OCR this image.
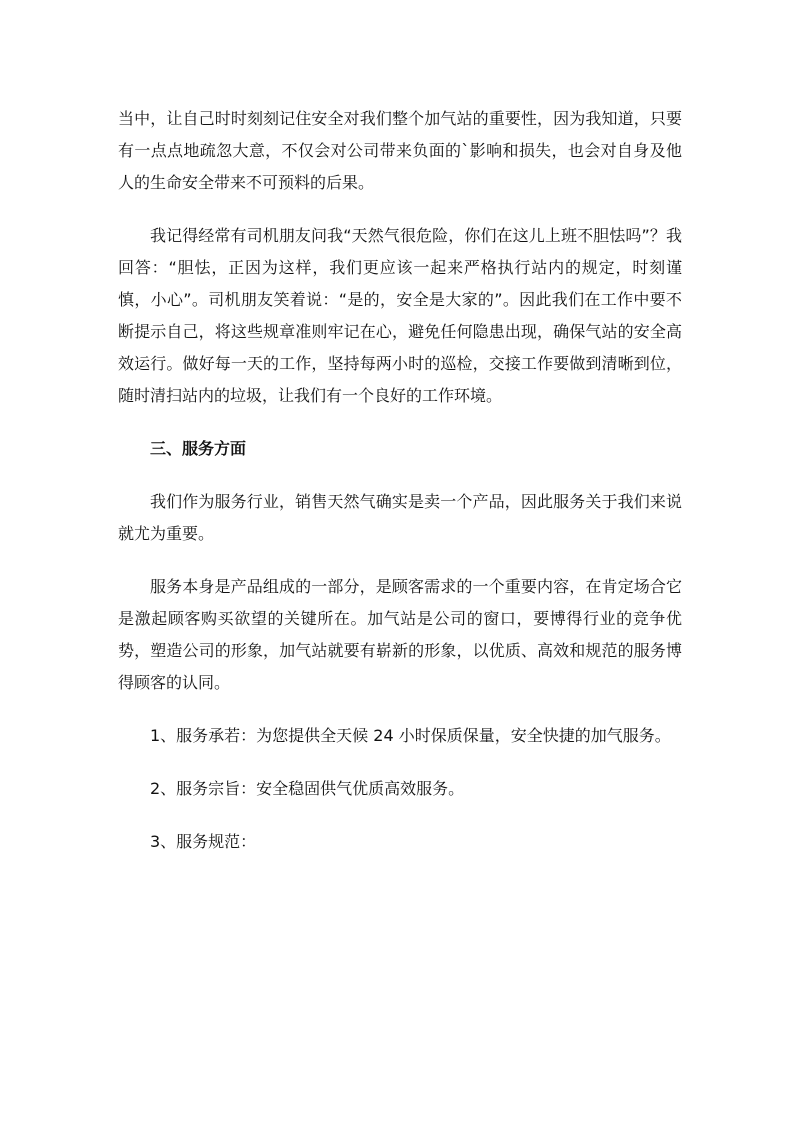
当中，让自己时时刻刻记住安全对我们整个加气站的重要性，因为我知道，只要有一点点地疏忽大意，不仅会对公司带来负面的`影响和损失，也会对自身及他人的生命安全带来不可预料的后果。

我记得经常有司机朋友问我“天然气很危险，你们在这儿上班不胆怯吗”？我回答：“胆怯，正因为这样，我们更应该一起来严格执行站内的规定，时刻谨慎，小心”。司机朋友笑着说：“是的，安全是大家的”。因此我们在工作中要不断提示自己，将这些规章准则牢记在心，避免任何隐患出现，确保气站的安全高效运行。做好每一天的工作，坚持每两小时的巡检，交接工作要做到清晰到位，随时清扫站内的垃圾，让我们有一个良好的工作环境。

三、服务方面

我们作为服务行业，销售天然气确实是卖一个产品，因此服务关于我们来说就尤为重要。

服务本身是产品组成的一部分，是顾客需求的一个重要内容，在肯定场合它是激起顾客购买欲望的关键所在。加气站是公司的窗口，要博得行业的竞争优势，塑造公司的形象，加气站就要有崭新的形象，以优质、高效和规范的服务博得顾客的认同。

1、服务承若：为您提供全天候 24 小时保质保量，安全快捷的加气服务。

2、服务宗旨：安全稳固供气优质高效服务。

3、服务规范：
